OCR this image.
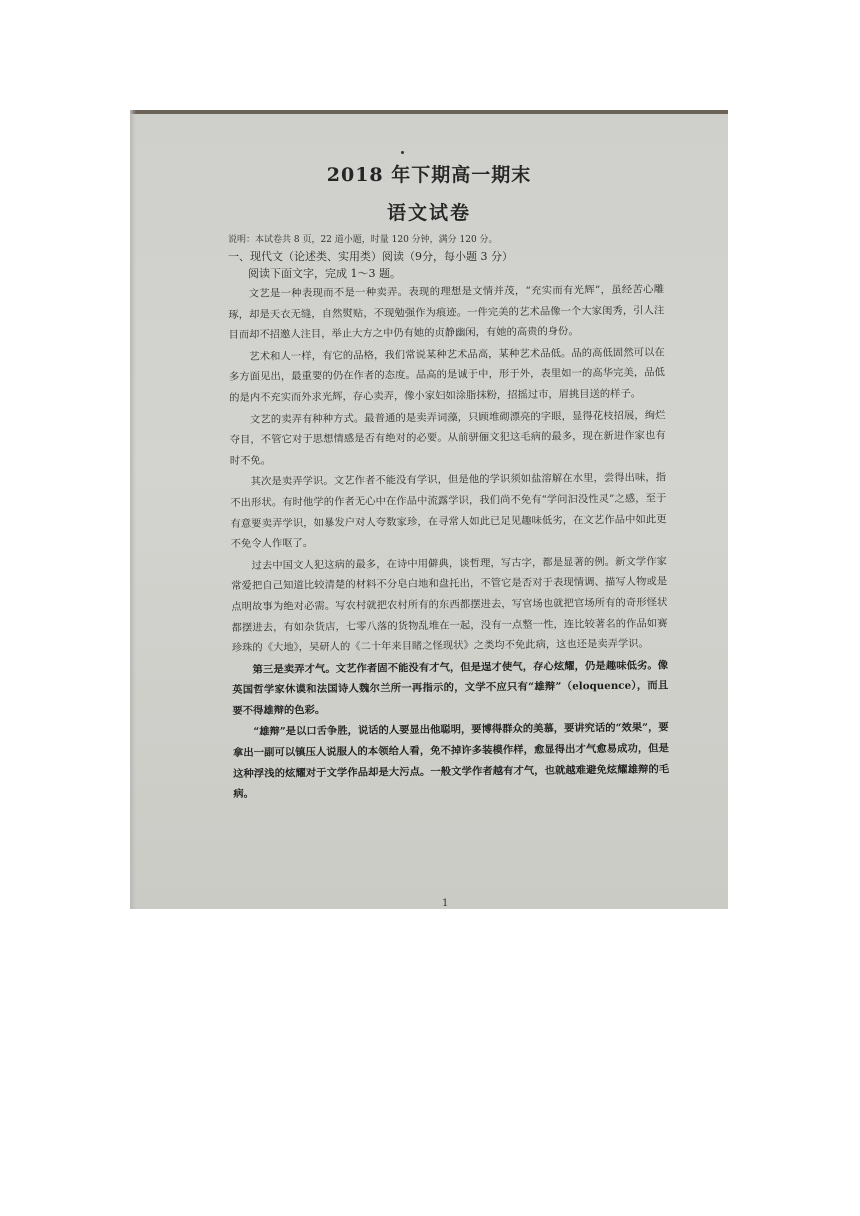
2018 年下期高一期末
语文试卷
说明：本试卷共 8 页，22 道小题，时量 120 分钟，满分 120 分。
一、现代文（论述类、实用类）阅读（9分，每小题 3 分）
阅读下面文字，完成 1～3 题。

文艺是一种表现而不是一种卖弄。表现的理想是文情并茂，“充实而有光辉”，虽经苦心雕琢，却是天衣无缝，自然熨贴，不现勉强作为痕迹。一件完美的艺术品像一个大家闺秀，引人注目而却不招邀人注目，举止大方之中仍有她的贞静幽闲，有她的高贵的身份。

艺术和人一样，有它的品格，我们常说某种艺术品高，某种艺术品低。品的高低固然可以在多方面见出，最重要的仍在作者的态度。品高的是诚于中，形于外，表里如一的高华完美，品低的是内不充实而外求光辉，存心卖弄，像小家妇如涂脂抹粉，招摇过市，眉挑目送的样子。

文艺的卖弄有种种方式。最普通的是卖弄词藻，只顾堆砌漂亮的字眼，显得花枝招展，绚烂夺目，不管它对于思想情感是否有绝对的必要。从前骈俪文犯这毛病的最多，现在新进作家也有时不免。

其次是卖弄学识。文艺作者不能没有学识，但是他的学识须如盐溶解在水里，尝得出味，指不出形状。有时他学的作者无心中在作品中流露学识，我们尚不免有“学问汩没性灵”之感，至于有意要卖弄学识，如暴发户对人夸数家珍，在寻常人如此已足见趣味低劣，在文艺作品中如此更不免令人作呕了。

过去中国文人犯这病的最多，在诗中用僻典，谈哲理，写古字，都是显著的例。新文学作家常爱把自己知道比较清楚的材料不分皂白地和盘托出，不管它是否对于表现情调、描写人物或是点明故事为绝对必需。写农村就把农村所有的东西都摆进去，写官场也就把官场所有的奇形怪状都摆进去，有如杂货店，七零八落的货物乱堆在一起，没有一点整一性，连比较著名的作品如赛珍珠的《大地》，吴研人的《二十年来目睹之怪现状》之类均不免此病，这也还是卖弄学识。

第三是卖弄才气。文艺作者固不能没有才气，但是逞才使气，存心炫耀，仍是趣味低劣。像英国哲学家休谟和法国诗人魏尔兰所一再指示的，文学不应只有“雄辩”（eloquence），而且要不得雄辩的色彩。

“雄辩”是以口舌争胜，说话的人要显出他聪明，要博得群众的美慕，要讲究话的“效果”，要拿出一副可以镇压人说服人的本领给人看，免不掉许多装模作样，愈显得出才气愈易成功，但是这种浮浅的炫耀对于文学作品却是大污点。一般文学作者越有才气，也就越难避免炫耀雄辩的毛病。

1
